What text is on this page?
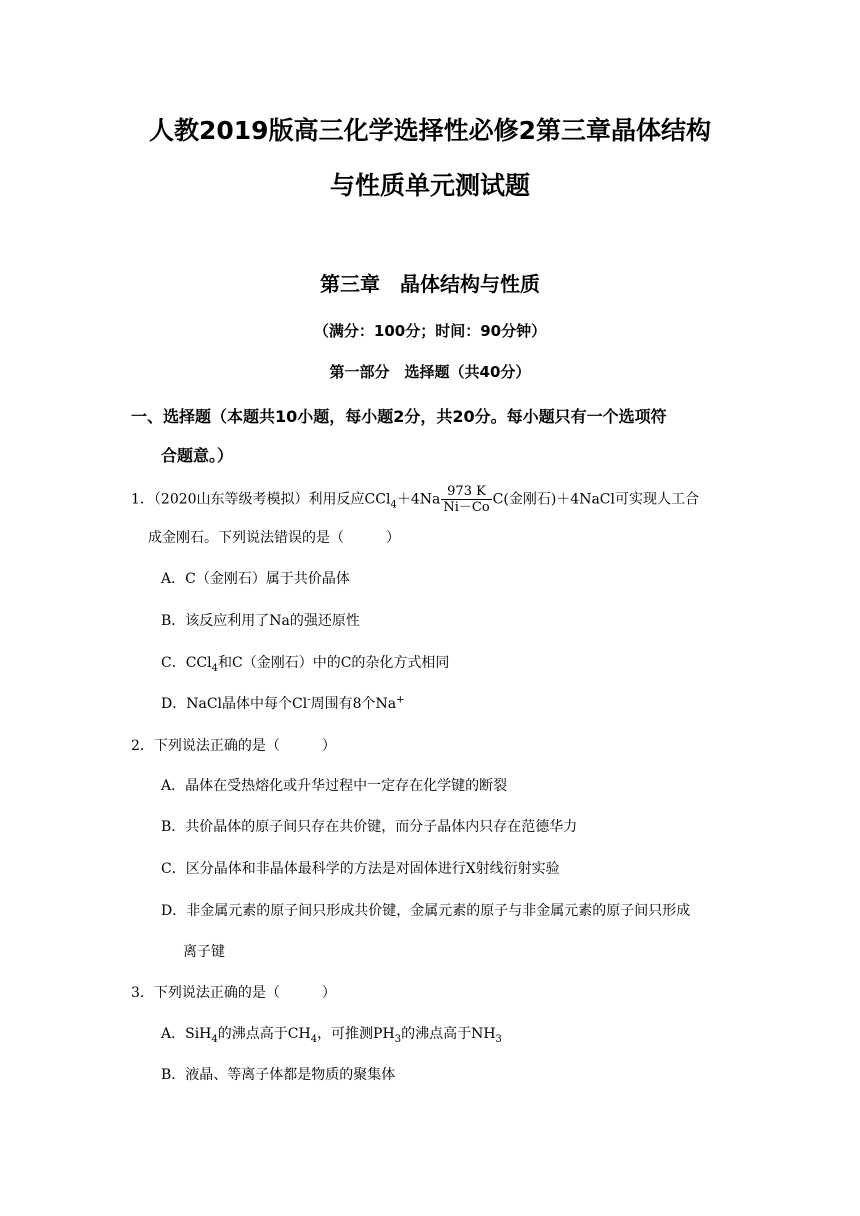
人教2019版高三化学选择性必修2第三章晶体结构
与性质单元测试题
第三章　晶体结构与性质
（满分：100分；时间：90分钟）
第一部分　选择题（共40分）
一、选择题（本题共10小题，每小题2分，共20分。每小题只有一个选项符
合题意。）
1．（2020山东等级考模拟）利用反应$CCl_4+4Na \frac{973 K}{Ni-Co} C$(金刚石)＋4NaCl可实现人工合
成金刚石。下列说法错误的是（　　　）
A．C（金刚石）属于共价晶体
B．该反应利用了Na的强还原性
C．CCl$_4$和C（金刚石）中的C的杂化方式相同
D．NaCl晶体中每个Cl-周围有8个Na+
2．下列说法正确的是（　　　）
A．晶体在受热熔化或升华过程中一定存在化学键的断裂
B．共价晶体的原子间只存在共价键，而分子晶体内只存在范德华力
C．区分晶体和非晶体最科学的方法是对固体进行X射线衍射实验
D．非金属元素的原子间只形成共价键，金属元素的原子与非金属元素的原子间只形成
离子键
3．下列说法正确的是（　　　）
A．SiH$_4$的沸点高于$CH_4$，可推测$PH_3$的沸点高于$NH_3$
B．液晶、等离子体都是物质的聚集体
